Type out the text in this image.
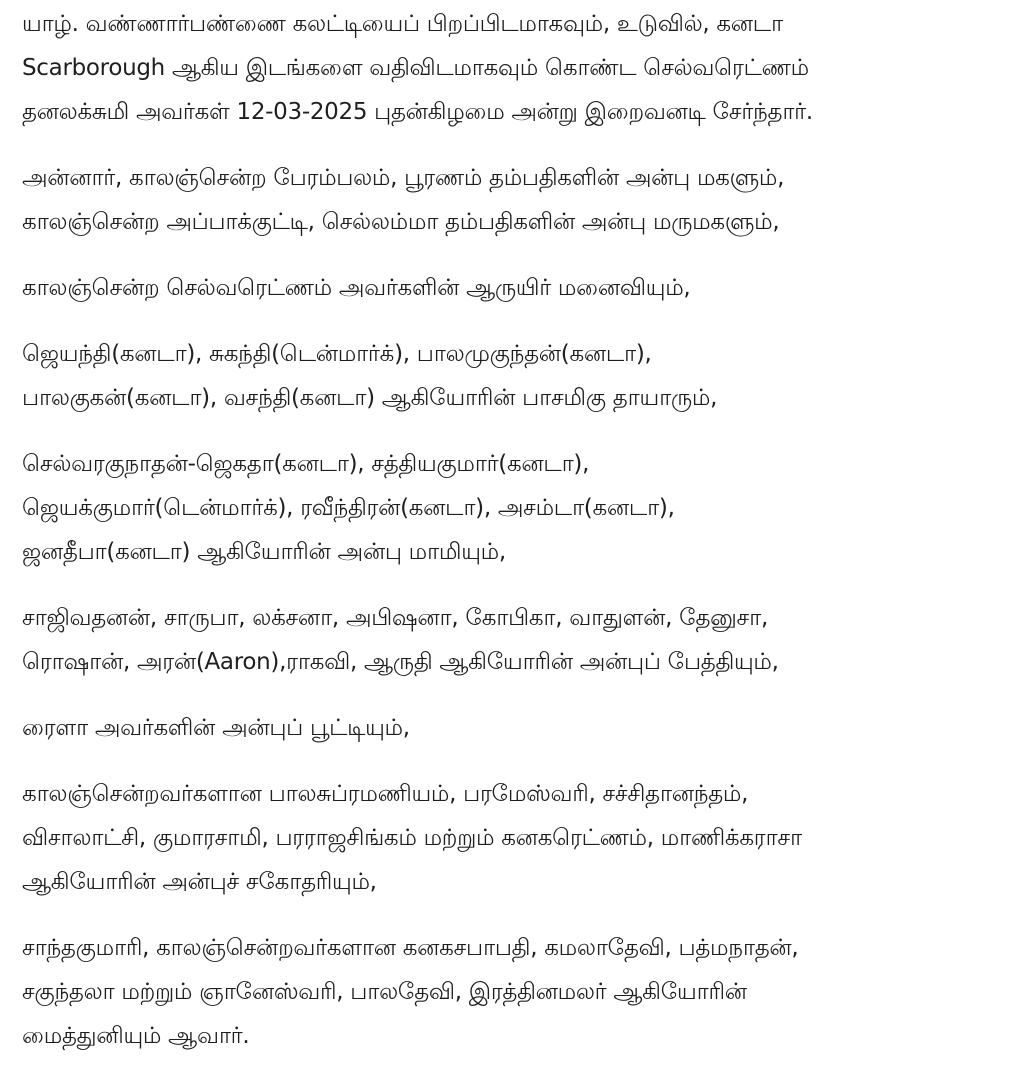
யாழ். வண்ணார்பண்ணை கலட்டியைப் பிறப்பிடமாகவும், உடுவில், கனடா
Scarborough ஆகிய இடங்களை வதிவிடமாகவும் கொண்ட செல்வரெட்ணம்
தனலக்சுமி அவர்கள் 12-03-2025 புதன்கிழமை அன்று இறைவனடி சேர்ந்தார்.

அன்னார், காலஞ்சென்ற பேரம்பலம், பூரணம் தம்பதிகளின் அன்பு மகளும்,
காலஞ்சென்ற அப்பாக்குட்டி, செல்லம்மா தம்பதிகளின் அன்பு மருமகளும்,

காலஞ்சென்ற செல்வரெட்ணம் அவர்களின் ஆருயிர் மனைவியும்,

ஜெயந்தி(கனடா), சுகந்தி(டென்மார்க்), பாலமுகுந்தன்(கனடா),
பாலகுகன்(கனடா), வசந்தி(கனடா) ஆகியோரின் பாசமிகு தாயாரும்,

செல்வரகுநாதன்-ஜெகதா(கனடா), சத்தியகுமார்(கனடா),
ஜெயக்குமார்(டென்மார்க்), ரவீந்திரன்(கனடா), அசம்டா(கனடா),
ஜனதீபா(கனடா) ஆகியோரின் அன்பு மாமியும்,

சாஜிவதனன், சாருபா, லக்சனா, அபிஷனா, கோபிகா, வாதுளன், தேனுசா,
ரொஷான், அரன்(Aaron),ராகவி, ஆருதி ஆகியோரின் அன்புப் பேத்தியும்,

ரைளா அவர்களின் அன்புப் பூட்டியும்,

காலஞ்சென்றவர்களான பாலசுப்ரமணியம், பரமேஸ்வரி, சச்சிதானந்தம்,
விசாலாட்சி, குமாரசாமி, பரராஜசிங்கம் மற்றும் கனகரெட்ணம், மாணிக்கராசா
ஆகியோரின் அன்புச் சகோதரியும்,

சாந்தகுமாரி, காலஞ்சென்றவர்களான கனகசபாபதி, கமலாதேவி, பத்மநாதன்,
சகுந்தலா மற்றும் ஞானேஸ்வரி, பாலதேவி, இரத்தினமலர் ஆகியோரின்
மைத்துனியும் ஆவார்.
